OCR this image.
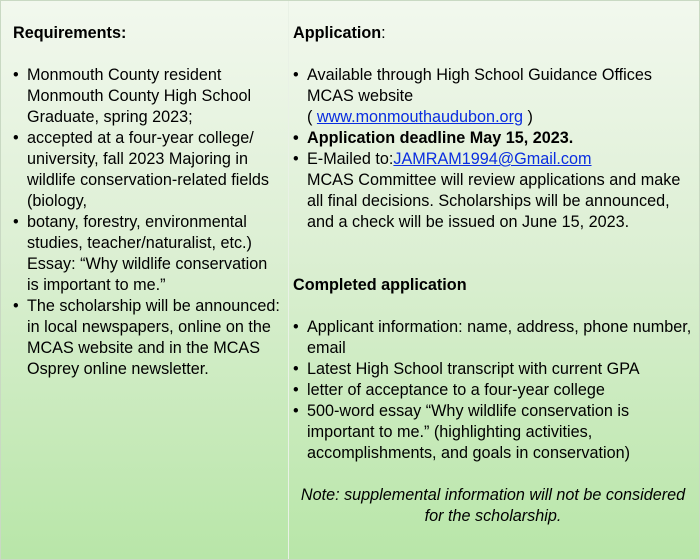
Requirements:
• Monmouth County resident Monmouth County High School Graduate, spring 2023;
• accepted at a four-year college/ university, fall 2023 Majoring in wildlife conservation-related fields (biology,
• botany, forestry, environmental studies, teacher/naturalist, etc.) Essay: “Why wildlife conservation is important to me.”
• The scholarship will be announced: in local newspapers, online on the MCAS website and in the MCAS Osprey online newsletter.
Application:
• Available through High School Guidance Offices MCAS website
( www.monmouthaudubon.org )
• Application deadline May 15, 2023.
• E-Mailed to:JAMRAM1994@Gmail.com
MCAS Committee will review applications and make all final decisions. Scholarships will be announced, and a check will be issued on June 15, 2023.
Completed application
• Applicant information: name, address, phone number, email
• Latest High School transcript with current GPA
• letter of acceptance to a four-year college
• 500-word essay “Why wildlife conservation is important to me.” (highlighting activities, accomplishments, and goals in conservation)
Note: supplemental information will not be considered for the scholarship.
